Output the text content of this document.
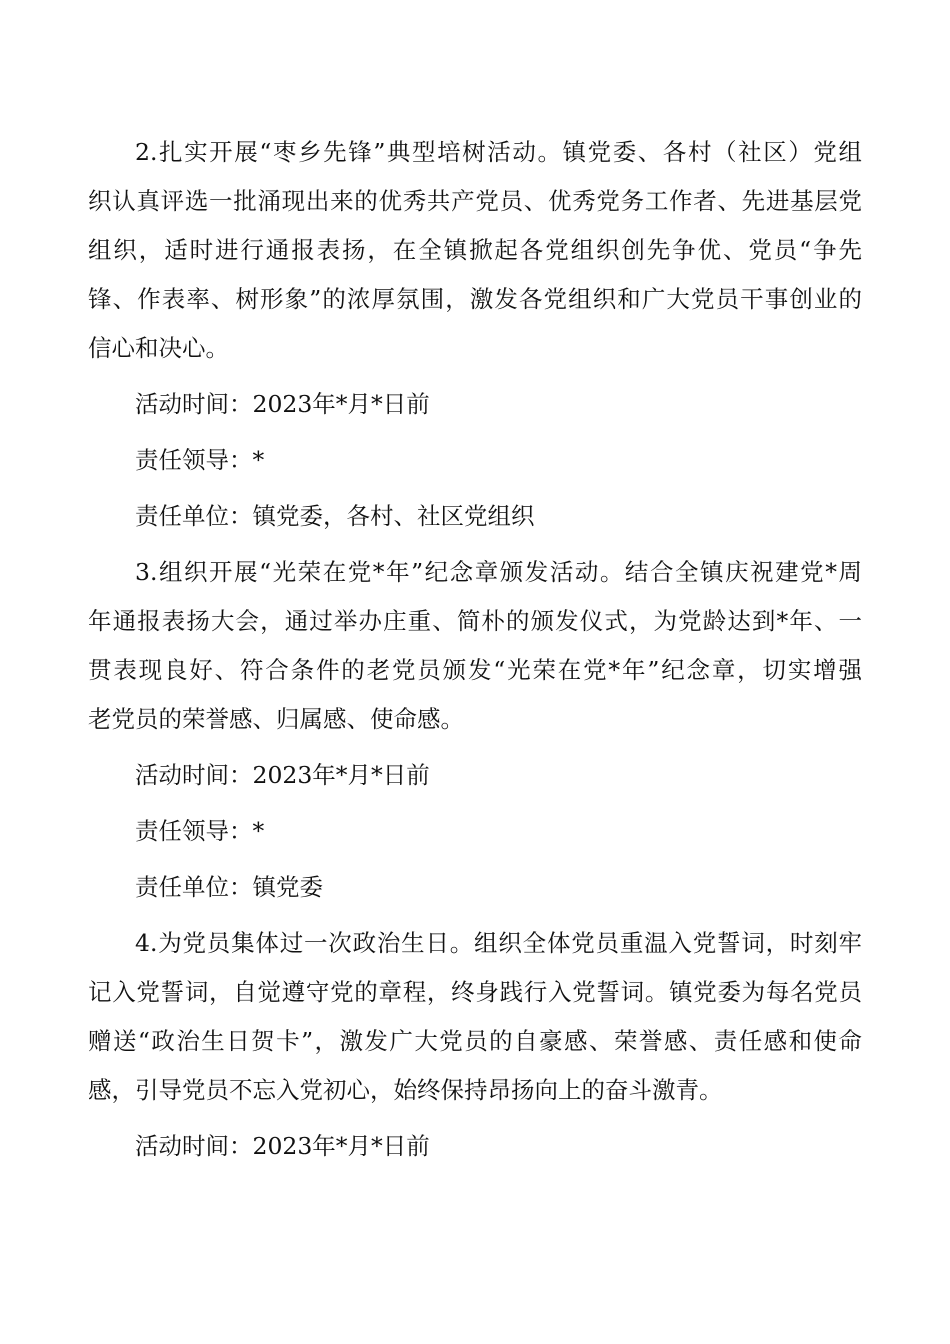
2.扎实开展“枣乡先锋”典型培树活动。镇党委、各村（社区）党组
织认真评选一批涌现出来的优秀共产党员、优秀党务工作者、先进基层党
组织，适时进行通报表扬，在全镇掀起各党组织创先争优、党员“争先
锋、作表率、树形象”的浓厚氛围，激发各党组织和广大党员干事创业的
信心和决心。
活动时间：2023年*月*日前
责任领导：*
责任单位：镇党委，各村、社区党组织
3.组织开展“光荣在党*年”纪念章颁发活动。结合全镇庆祝建党*周
年通报表扬大会，通过举办庄重、简朴的颁发仪式，为党龄达到*年、一
贯表现良好、符合条件的老党员颁发“光荣在党*年”纪念章，切实增强
老党员的荣誉感、归属感、使命感。
活动时间：2023年*月*日前
责任领导：*
责任单位：镇党委
4.为党员集体过一次政治生日。组织全体党员重温入党誓词，时刻牢
记入党誓词，自觉遵守党的章程，终身践行入党誓词。镇党委为每名党员
赠送“政治生日贺卡”，激发广大党员的自豪感、荣誉感、责任感和使命
感，引导党员不忘入党初心，始终保持昂扬向上的奋斗激青。
活动时间：2023年*月*日前
